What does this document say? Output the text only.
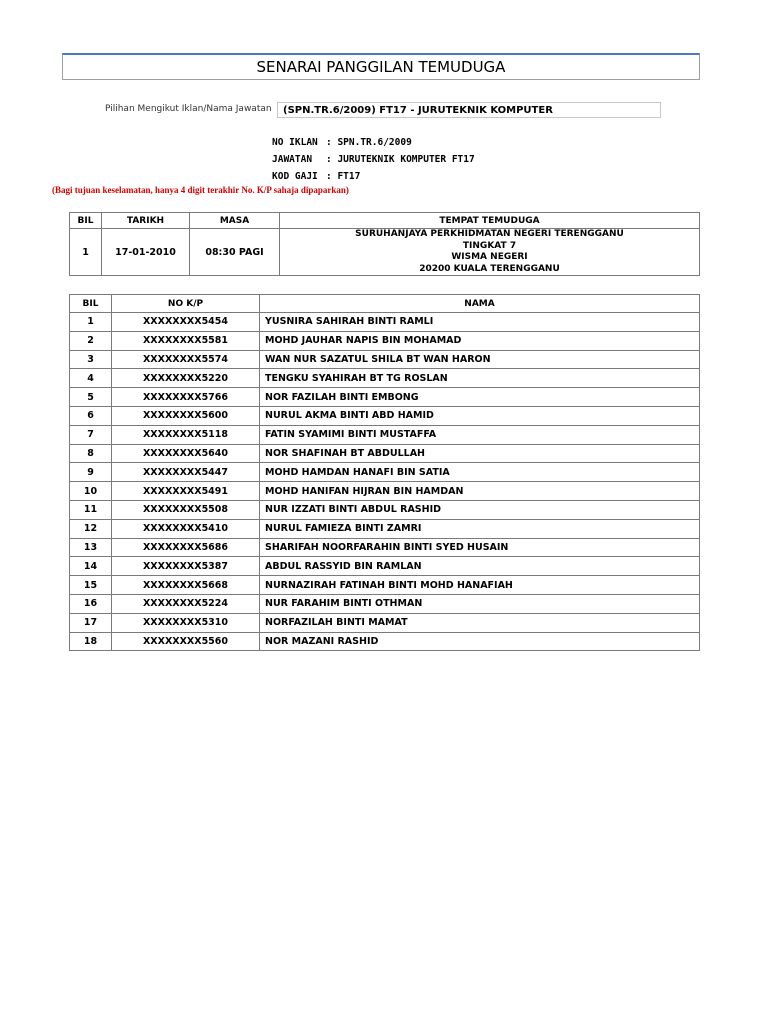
SENARAI PANGGILAN TEMUDUGA
Pilihan Mengikut Iklan/Nama Jawatan	(SPN.TR.6/2009) FT17 - JURUTEKNIK KOMPUTER
NO IKLAN : SPN.TR.6/2009
JAWATAN : JURUTEKNIK KOMPUTER FT17
KOD GAJI : FT17
(Bagi tujuan keselamatan, hanya 4 digit terakhir No. K/P sahaja dipaparkan)
BIL	TARIKH	MASA	TEMPAT TEMUDUGA
1	17-01-2010	08:30 PAGI	SURUHANJAYA PERKHIDMATAN NEGERI TERENGGANU
TINGKAT 7
WISMA NEGERI
20200 KUALA TERENGGANU
BIL	NO K/P	NAMA
1	XXXXXXXX5454	YUSNIRA SAHIRAH BINTI RAMLI
2	XXXXXXXX5581	MOHD JAUHAR NAPIS BIN MOHAMAD
3	XXXXXXXX5574	WAN NUR SAZATUL SHILA BT WAN HARON
4	XXXXXXXX5220	TENGKU SYAHIRAH BT TG ROSLAN
5	XXXXXXXX5766	NOR FAZILAH BINTI EMBONG
6	XXXXXXXX5600	NURUL AKMA BINTI ABD HAMID
7	XXXXXXXX5118	FATIN SYAMIMI BINTI MUSTAFFA
8	XXXXXXXX5640	NOR SHAFINAH BT ABDULLAH
9	XXXXXXXX5447	MOHD HAMDAN HANAFI BIN SATIA
10	XXXXXXXX5491	MOHD HANIFAN HIJRAN BIN HAMDAN
11	XXXXXXXX5508	NUR IZZATI BINTI ABDUL RASHID
12	XXXXXXXX5410	NURUL FAMIEZA BINTI ZAMRI
13	XXXXXXXX5686	SHARIFAH NOORFARAHIN BINTI SYED HUSAIN
14	XXXXXXXX5387	ABDUL RASSYID BIN RAMLAN
15	XXXXXXXX5668	NURNAZIRAH FATINAH BINTI MOHD HANAFIAH
16	XXXXXXXX5224	NUR FARAHIM BINTI OTHMAN
17	XXXXXXXX5310	NORFAZILAH BINTI MAMAT
18	XXXXXXXX5560	NOR MAZANI RASHID
